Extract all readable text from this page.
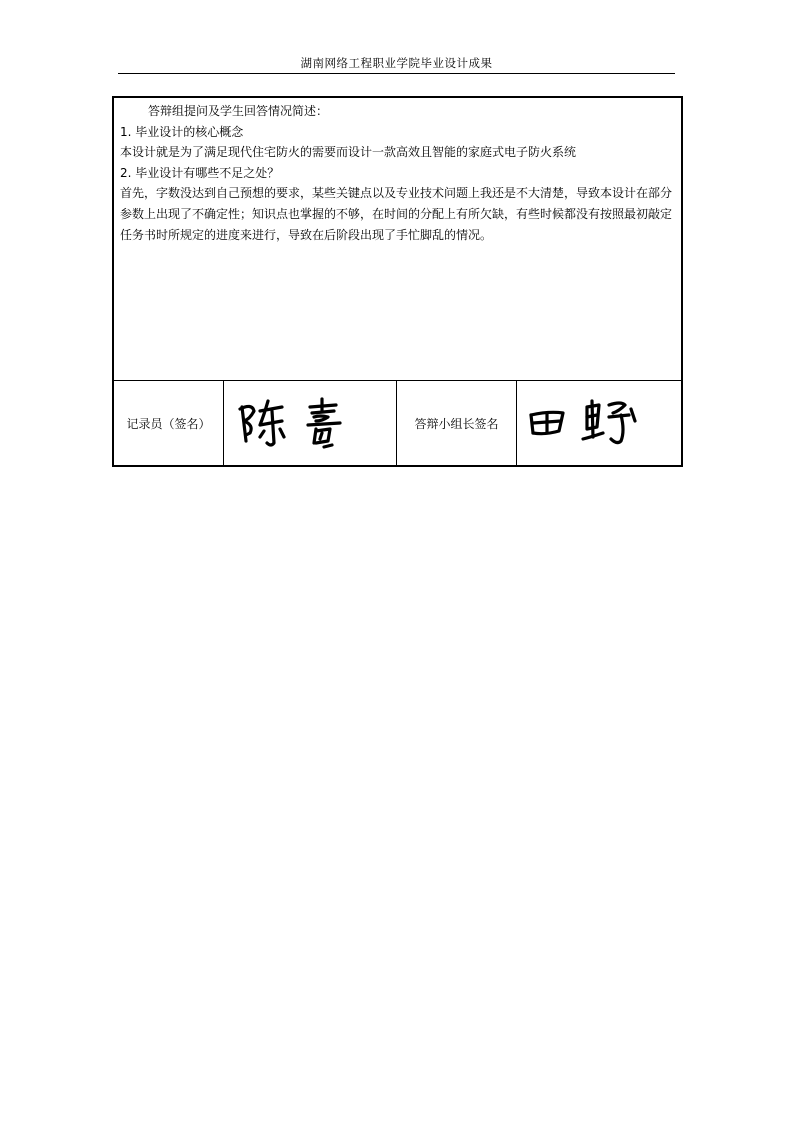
湖南网络工程职业学院毕业设计成果

答辩组提问及学生回答情况简述：

1. 毕业设计的核心概念

本设计就是为了满足现代住宅防火的需要而设计一款高效且智能的家庭式电子防火系统

2. 毕业设计有哪些不足之处？

首先，字数没达到自己预想的要求，某些关键点以及专业技术问题上我还是不大清楚，导致本设计在部分参数上出现了不确定性；知识点也掌握的不够，在时间的分配上有所欠缺，有些时候都没有按照最初敲定任务书时所规定的进度来进行，导致在后阶段出现了手忙脚乱的情况。

记录员（签名）	答辩小组长签名
